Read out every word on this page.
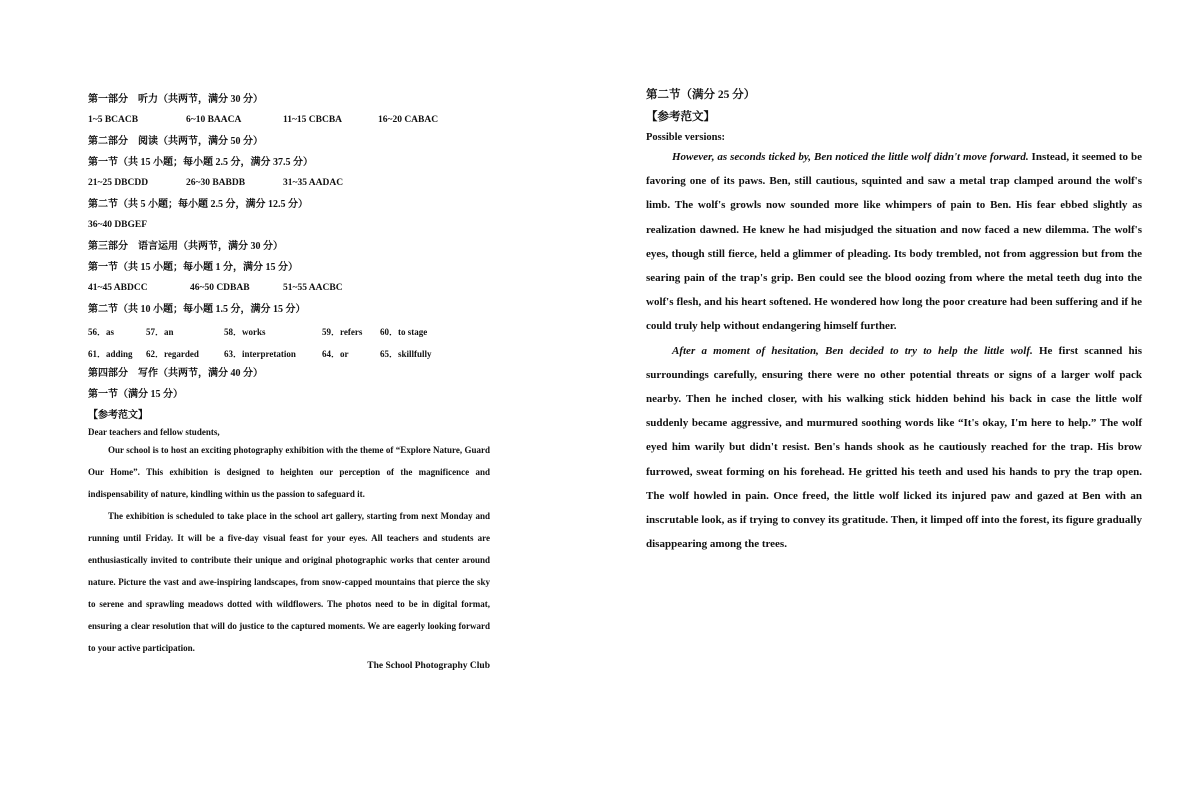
第一部分　听力（共两节，满分 30 分）
1~5 BCACB	6~10 BAACA	11~15 CBCBA	16~20 CABAC
第二部分　阅读（共两节，满分 50 分）
第一节（共 15 小题；每小题 2.5 分，满分 37.5 分）
21~25 DBCDD	26~30 BABDB	31~35 AADAC
第二节（共 5 小题；每小题 2.5 分，满分 12.5 分）
36~40 DBGEF
第三部分　语言运用（共两节，满分 30 分）
第一节（共 15 小题；每小题 1 分，满分 15 分）
41~45 ABDCC	46~50 CDBAB	51~55 AACBC
第二节（共 10 小题；每小题 1.5 分，满分 15 分）
56．as	57．an	58．works	59．refers 60．to stage
61．adding 62．regarded	63．interpretation	64．or	65．skillfully
第四部分　写作（共两节，满分 40 分）
第一节（满分 15 分）
【参考范文】
Dear teachers and fellow students,
Our school is to host an exciting photography exhibition with the theme of “Explore Nature, Guard Our Home”. This exhibition is designed to heighten our perception of the magnificence and indispensability of nature, kindling within us the passion to safeguard it.
The exhibition is scheduled to take place in the school art gallery, starting from next Monday and running until Friday. It will be a five-day visual feast for your eyes. All teachers and students are enthusiastically invited to contribute their unique and original photographic works that center around nature. Picture the vast and awe-inspiring landscapes, from snow-capped mountains that pierce the sky to serene and sprawling meadows dotted with wildflowers. The photos need to be in digital format, ensuring a clear resolution that will do justice to the captured moments. We are eagerly looking forward to your active participation.
The School Photography Club
第二节（满分 25 分）
【参考范文】
Possible versions:
However, as seconds ticked by, Ben noticed the little wolf didn't move forward. Instead, it seemed to be favoring one of its paws. Ben, still cautious, squinted and saw a metal trap clamped around the wolf's limb. The wolf's growls now sounded more like whimpers of pain to Ben. His fear ebbed slightly as realization dawned. He knew he had misjudged the situation and now faced a new dilemma. The wolf's eyes, though still fierce, held a glimmer of pleading. Its body trembled, not from aggression but from the searing pain of the trap's grip. Ben could see the blood oozing from where the metal teeth dug into the wolf's flesh, and his heart softened. He wondered how long the poor creature had been suffering and if he could truly help without endangering himself further.
After a moment of hesitation, Ben decided to try to help the little wolf. He first scanned his surroundings carefully, ensuring there were no other potential threats or signs of a larger wolf pack nearby. Then he inched closer, with his walking stick hidden behind his back in case the little wolf suddenly became aggressive, and murmured soothing words like “It's okay, I'm here to help.” The wolf eyed him warily but didn't resist. Ben's hands shook as he cautiously reached for the trap. His brow furrowed, sweat forming on his forehead. He gritted his teeth and used his hands to pry the trap open. The wolf howled in pain. Once freed, the little wolf licked its injured paw and gazed at Ben with an inscrutable look, as if trying to convey its gratitude. Then, it limped off into the forest, its figure gradually disappearing among the trees.
